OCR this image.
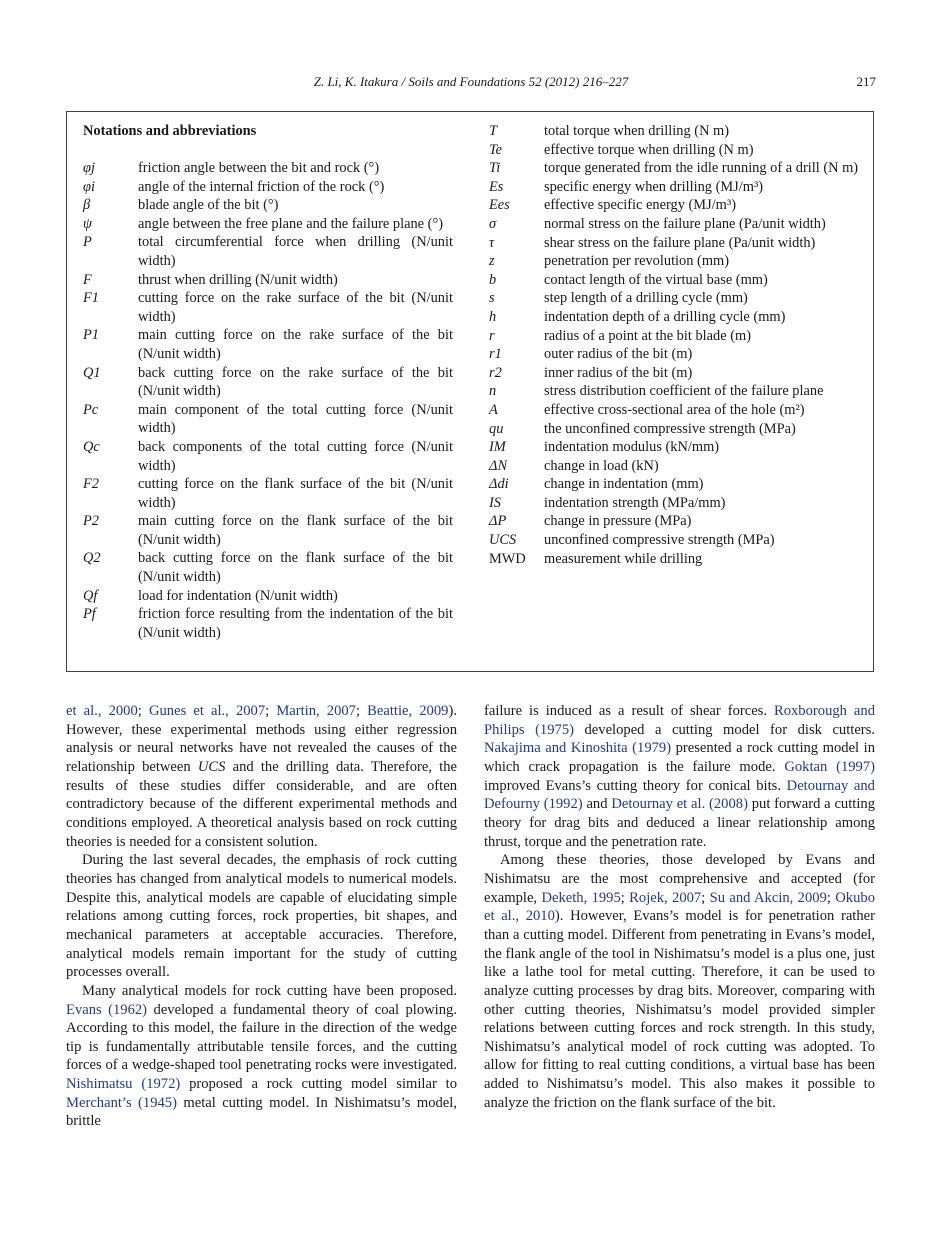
Z. Li, K. Itakura / Soils and Foundations 52 (2012) 216–227	217
Notations and abbreviations
φj	friction angle between the bit and rock (°)
φi	angle of the internal friction of the rock (°)
β	blade angle of the bit (°)
ψ	angle between the free plane and the failure plane (°)
P	total circumferential force when drilling (N/unit width)
F	thrust when drilling (N/unit width)
F1	cutting force on the rake surface of the bit (N/unit width)
P1	main cutting force on the rake surface of the bit (N/unit width)
Q1	back cutting force on the rake surface of the bit (N/unit width)
Pc	main component of the total cutting force (N/unit width)
Qc	back components of the total cutting force (N/unit width)
F2	cutting force on the flank surface of the bit (N/unit width)
P2	main cutting force on the flank surface of the bit (N/unit width)
Q2	back cutting force on the flank surface of the bit (N/unit width)
Qf	load for indentation (N/unit width)
Pf	friction force resulting from the indentation of the bit (N/unit width)
T	total torque when drilling (N m)
Te	effective torque when drilling (N m)
Ti	torque generated from the idle running of a drill (N m)
Es	specific energy when drilling (MJ/m³)
Ees	effective specific energy (MJ/m³)
σ	normal stress on the failure plane (Pa/unit width)
τ	shear stress on the failure plane (Pa/unit width)
z	penetration per revolution (mm)
b	contact length of the virtual base (mm)
s	step length of a drilling cycle (mm)
h	indentation depth of a drilling cycle (mm)
r	radius of a point at the bit blade (m)
r1	outer radius of the bit (m)
r2	inner radius of the bit (m)
n	stress distribution coefficient of the failure plane
A	effective cross-sectional area of the hole (m²)
qu	the unconfined compressive strength (MPa)
IM	indentation modulus (kN/mm)
ΔN	change in load (kN)
Δdi	change in indentation (mm)
IS	indentation strength (MPa/mm)
ΔP	change in pressure (MPa)
UCS	unconfined compressive strength (MPa)
MWD	measurement while drilling

et al., 2000; Gunes et al., 2007; Martin, 2007; Beattie, 2009). However, these experimental methods using either regression analysis or neural networks have not revealed the causes of the relationship between UCS and the drilling data. Therefore, the results of these studies differ considerable, and are often contradictory because of the different experimental methods and conditions employed. A theoretical analysis based on rock cutting theories is needed for a consistent solution.

During the last several decades, the emphasis of rock cutting theories has changed from analytical models to numerical models. Despite this, analytical models are capable of elucidating simple relations among cutting forces, rock properties, bit shapes, and mechanical parameters at acceptable accuracies. Therefore, analytical models remain important for the study of cutting processes overall.

Many analytical models for rock cutting have been proposed. Evans (1962) developed a fundamental theory of coal plowing. According to this model, the failure in the direction of the wedge tip is fundamentally attributable tensile forces, and the cutting forces of a wedge-shaped tool penetrating rocks were investigated. Nishimatsu (1972) proposed a rock cutting model similar to Merchant’s (1945) metal cutting model. In Nishimatsu’s model, brittle

failure is induced as a result of shear forces. Roxborough and Philips (1975) developed a cutting model for disk cutters. Nakajima and Kinoshita (1979) presented a rock cutting model in which crack propagation is the failure mode. Goktan (1997) improved Evans’s cutting theory for conical bits. Detournay and Defourny (1992) and Detournay et al. (2008) put forward a cutting theory for drag bits and deduced a linear relationship among thrust, torque and the penetration rate.

Among these theories, those developed by Evans and Nishimatsu are the most comprehensive and accepted (for example, Deketh, 1995; Rojek, 2007; Su and Akcin, 2009; Okubo et al., 2010). However, Evans’s model is for penetration rather than a cutting model. Different from penetrating in Evans’s model, the flank angle of the tool in Nishimatsu’s model is a plus one, just like a lathe tool for metal cutting. Therefore, it can be used to analyze cutting processes by drag bits. Moreover, comparing with other cutting theories, Nishimatsu’s model provided simpler relations between cutting forces and rock strength. In this study, Nishimatsu’s analytical model of rock cutting was adopted. To allow for fitting to real cutting conditions, a virtual base has been added to Nishimatsu’s model. This also makes it possible to analyze the friction on the flank surface of the bit.
